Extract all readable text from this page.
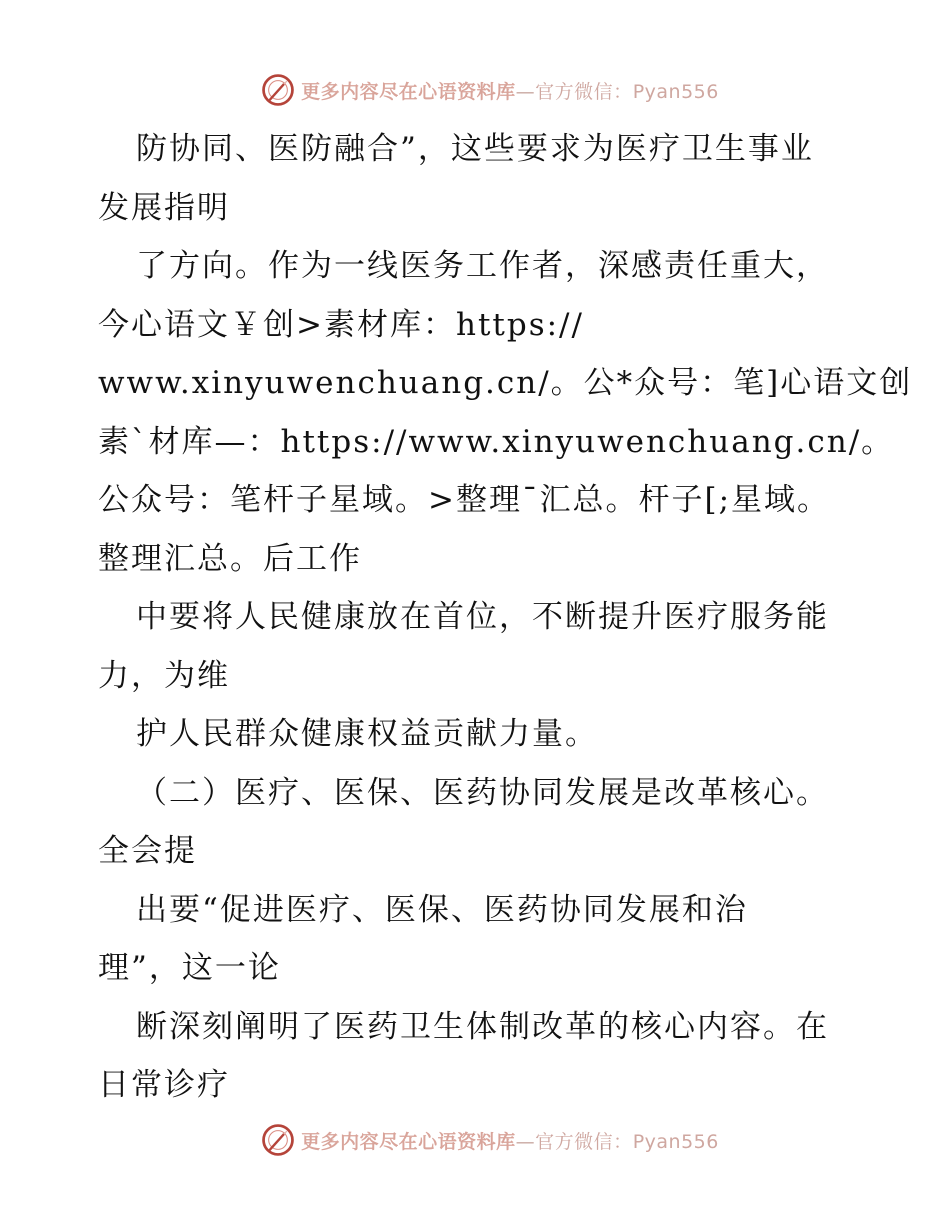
更多内容尽在心语资料库—官方微信：Pyan556
防协同、医防融合”，这些要求为医疗卫生事业
发展指明
了方向。作为一线医务工作者，深感责任重大，
今心语文￥创>素材库：https://
www.xinyuwenchuang.cn/。公*众号：笔]心语文创
素`材库—：https://www.xinyuwenchuang.cn/。
公众号：笔杆子星域。>整理¯汇总。杆子[;星域。
整理汇总。后工作
中要将人民健康放在首位，不断提升医疗服务能
力，为维
护人民群众健康权益贡献力量。
（二）医疗、医保、医药协同发展是改革核心。
全会提
出要“促进医疗、医保、医药协同发展和治
理”，这一论
断深刻阐明了医药卫生体制改革的核心内容。在
日常诊疗
更多内容尽在心语资料库—官方微信：Pyan556
